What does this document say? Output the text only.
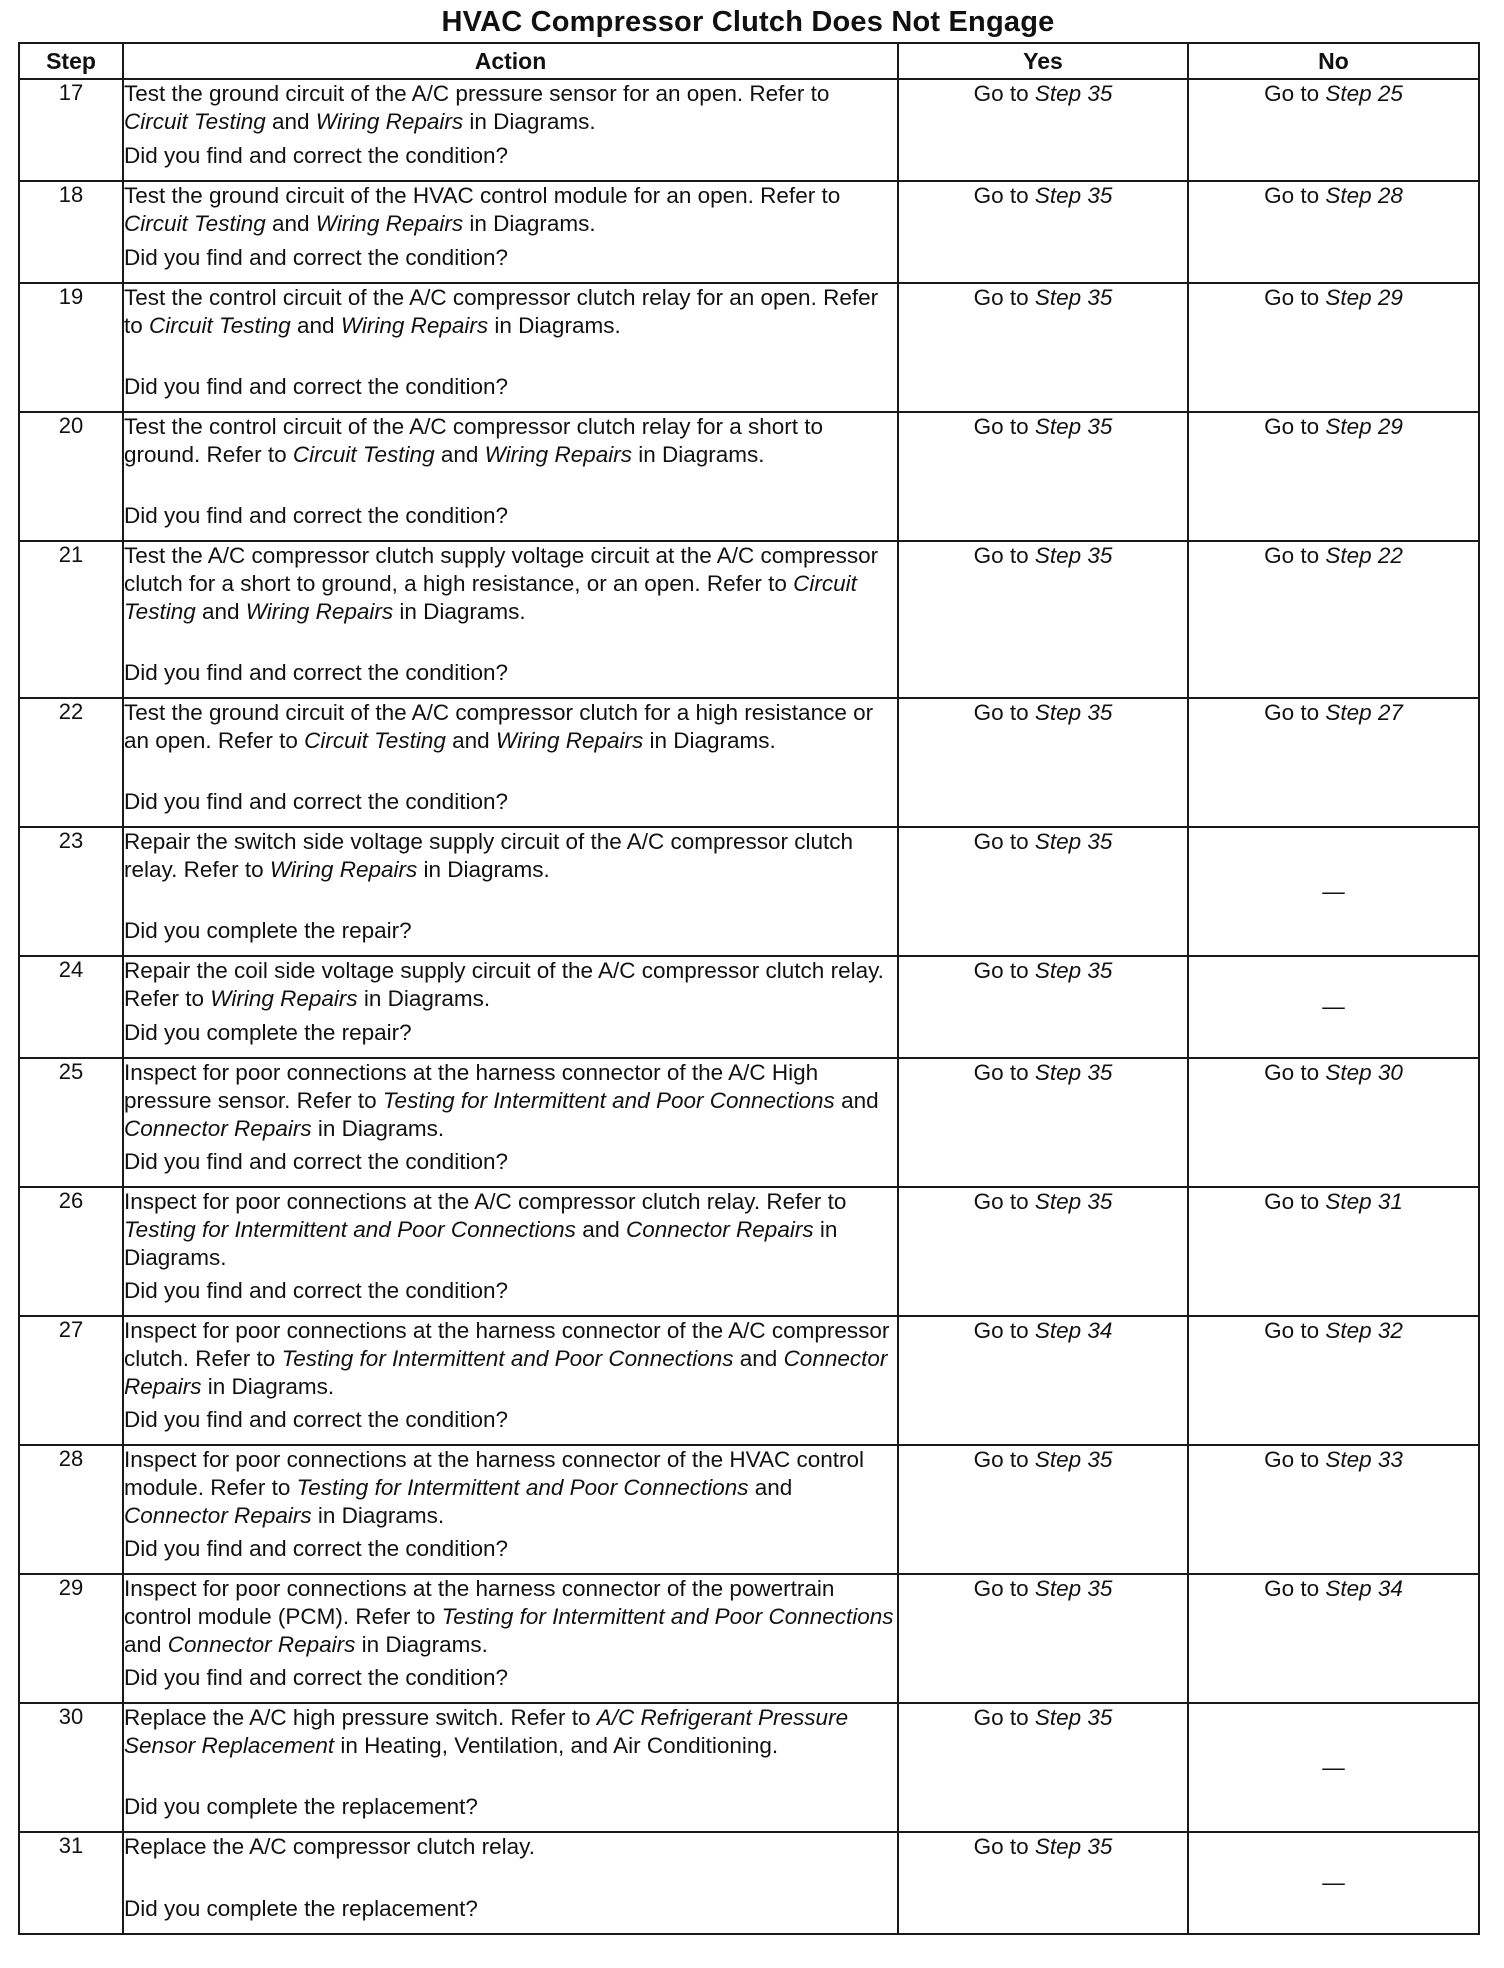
HVAC Compressor Clutch Does Not Engage
Step	Action	Yes	No
17	Test the ground circuit of the A/C pressure sensor for an open. Refer to Circuit Testing and Wiring Repairs in Diagrams.
Did you find and correct the condition?	Go to Step 35	Go to Step 25
18	Test the ground circuit of the HVAC control module for an open. Refer to Circuit Testing and Wiring Repairs in Diagrams.
Did you find and correct the condition?	Go to Step 35	Go to Step 28
19	Test the control circuit of the A/C compressor clutch relay for an open. Refer to Circuit Testing and Wiring Repairs in Diagrams.
Did you find and correct the condition?	Go to Step 35	Go to Step 29
20	Test the control circuit of the A/C compressor clutch relay for a short to ground. Refer to Circuit Testing and Wiring Repairs in Diagrams.
Did you find and correct the condition?	Go to Step 35	Go to Step 29
21	Test the A/C compressor clutch supply voltage circuit at the A/C compressor clutch for a short to ground, a high resistance, or an open. Refer to Circuit Testing and Wiring Repairs in Diagrams.
Did you find and correct the condition?	Go to Step 35	Go to Step 22
22	Test the ground circuit of the A/C compressor clutch for a high resistance or an open. Refer to Circuit Testing and Wiring Repairs in Diagrams.
Did you find and correct the condition?	Go to Step 35	Go to Step 27
23	Repair the switch side voltage supply circuit of the A/C compressor clutch relay. Refer to Wiring Repairs in Diagrams.
Did you complete the repair?	Go to Step 35	—
24	Repair the coil side voltage supply circuit of the A/C compressor clutch relay. Refer to Wiring Repairs in Diagrams.
Did you complete the repair?	Go to Step 35	—
25	Inspect for poor connections at the harness connector of the A/C High pressure sensor. Refer to Testing for Intermittent and Poor Connections and Connector Repairs in Diagrams.
Did you find and correct the condition?	Go to Step 35	Go to Step 30
26	Inspect for poor connections at the A/C compressor clutch relay. Refer to Testing for Intermittent and Poor Connections and Connector Repairs in Diagrams.
Did you find and correct the condition?	Go to Step 35	Go to Step 31
27	Inspect for poor connections at the harness connector of the A/C compressor clutch. Refer to Testing for Intermittent and Poor Connections and Connector Repairs in Diagrams.
Did you find and correct the condition?	Go to Step 34	Go to Step 32
28	Inspect for poor connections at the harness connector of the HVAC control module. Refer to Testing for Intermittent and Poor Connections and Connector Repairs in Diagrams.
Did you find and correct the condition?	Go to Step 35	Go to Step 33
29	Inspect for poor connections at the harness connector of the powertrain control module (PCM). Refer to Testing for Intermittent and Poor Connections and Connector Repairs in Diagrams.
Did you find and correct the condition?	Go to Step 35	Go to Step 34
30	Replace the A/C high pressure switch. Refer to A/C Refrigerant Pressure Sensor Replacement in Heating, Ventilation, and Air Conditioning.
Did you complete the replacement?	Go to Step 35	—
31	Replace the A/C compressor clutch relay.
Did you complete the replacement?	Go to Step 35	—
